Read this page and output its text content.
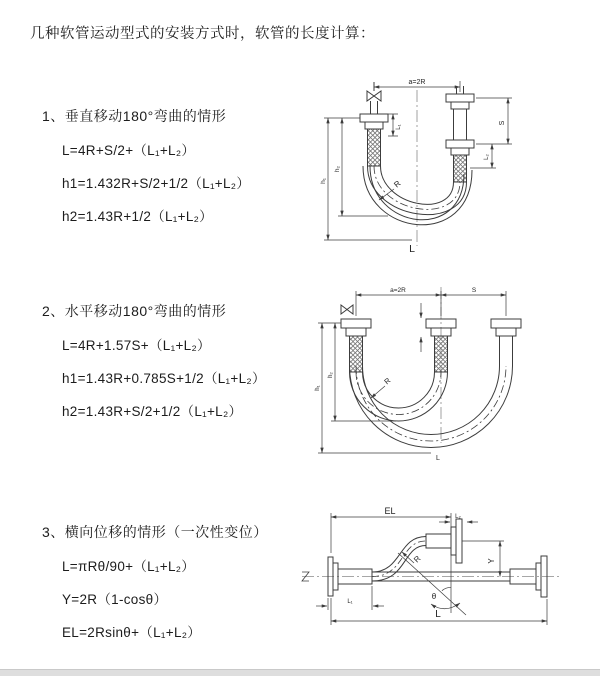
几种软管运动型式的安装方式时，软管的长度计算：
1、垂直移动180°弯曲的情形
L=4R+S/2+（L₁+L₂）
h1=1.432R+S/2+1/2（L₁+L₂）
h2=1.43R+1/2（L₁+L₂）
2、水平移动180°弯曲的情形
L=4R+1.57S+（L₁+L₂）
h1=1.43R+0.785S+1/2（L₁+L₂）
h2=1.43R+S/2+1/2（L₁+L₂）
3、横向位移的情形（一次性变位）
L=πRθ/90+（L₁+L₂）
Y=2R（1-cosθ）
EL=2Rsinθ+（L₁+L₂）
a=2R
S
L₁
L₂
h₁
h₂
R
L
a=2R	S
h₁
h₂
R
L
EL
L₂
Y
L
L₁
R
θ
